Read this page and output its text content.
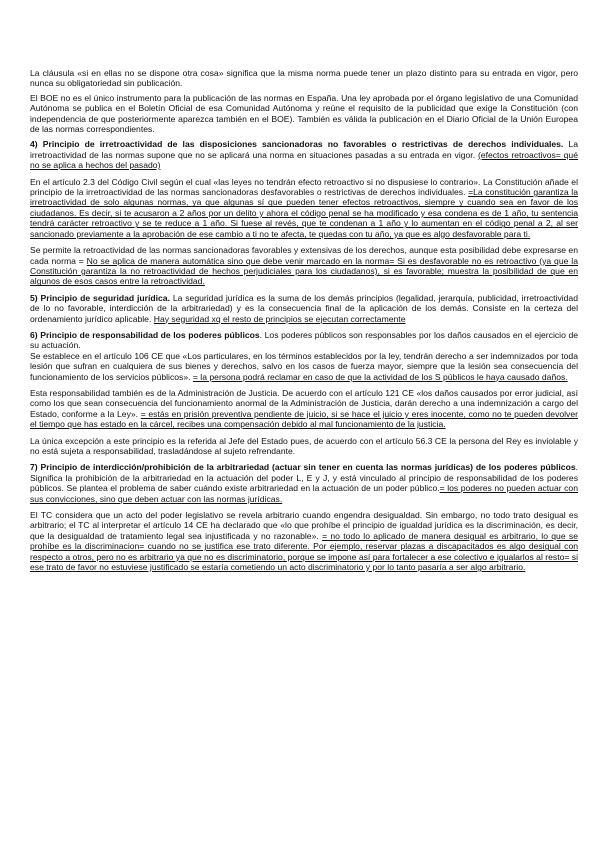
La cláusula «si en ellas no se dispone otra cosa» significa que la misma norma puede tener un plazo distinto para su entrada en vigor, pero nunca su obligatoriedad sin publicación.

El BOE no es el único instrumento para la publicación de las normas en España. Una ley aprobada por el órgano legislativo de una Comunidad Autónoma se publica en el Boletín Oficial de esa Comunidad Autónoma y reúne el requisito de la publicidad que exige la Constitución (con independencia de que posteriormente aparezca también en el BOE). También es válida la publicación en el Diario Oficial de la Unión Europea de las normas correspondientes.

4) Principio de irretroactividad de las disposiciones sancionadoras no favorables o restrictivas de derechos individuales. La irretroactividad de las normas supone que no se aplicará una norma en situaciones pasadas a su entrada en vigor. (efectos retroactivos= qué no se aplica a hechos del pasado)

En el artículo 2.3 del Código Civil según el cual «las leyes no tendrán efecto retroactivo si no dispusiese lo contrario». La Constitución añade el principio de la irretroactividad de las normas sancionadoras desfavorables o restrictivas de derechos individuales. =La constitución garantiza la irretroactividad de solo algunas normas, ya que algunas sí que pueden tener efectos retroactivos, siempre y cuando sea en favor de los ciudadanos. Es decir, si te acusaron a 2 años por un delito y ahora el código penal se ha modificado y esa condena es de 1 año, tu sentencia tendrá carácter retroactivo y se te reduce a 1 año. Si fuese al revés, que te condenan a 1 año y lo aumentan en el código penal a 2, al ser sancionado previamente a la aprobación de ese cambio a ti no te afecta, te quedas con tu año, ya que es algo desfavorable para ti.

Se permite la retroactividad de las normas sancionadoras favorables y extensivas de los derechos, aunque esta posibilidad debe expresarse en cada norma = No se aplica de manera automática sino que debe venir marcado en la norma= Si es desfavorable no es retroactivo (ya que la Constitución garantiza la no retroactividad de hechos perjudiciales para los ciudadanos), si es favorable; muestra la posibilidad de que en algunos de esos casos entre la retroactividad.

5) Principio de seguridad jurídica. La seguridad jurídica es la suma de los demás principios (legalidad, jerarquía, publicidad, irretroactividad de lo no favorable, interdicción de la arbitrariedad) y es la consecuencia final de la aplicación de los demás. Consiste en la certeza del ordenamiento jurídico aplicable. Hay seguridad xq el resto de principios se ejecutan correctamente

6) Principio de responsabilidad de los poderes públicos. Los poderes públicos son responsables por los daños causados en el ejercicio de su actuación.

Se establece en el artículo 106 CE que «Los particulares, en los términos establecidos por la ley, tendrán derecho a ser indemnizados por toda lesión que sufran en cualquiera de sus bienes y derechos, salvo en los casos de fuerza mayor, siempre que la lesión sea consecuencia del funcionamiento de los servicios públicos». = la persona podrá reclamar en caso de que la actividad de los S públicos le haya causado daños.

Esta responsabilidad también es de la Administración de Justicia. De acuerdo con el artículo 121 CE «los daños causados por error judicial, así como los que sean consecuencia del funcionamiento anormal de la Administración de Justicia, darán derecho a una indemnización a cargo del Estado, conforme a la Ley». = estás en prisión preventiva pendiente de juicio, si se hace el juicio y eres inocente, como no te pueden devolver el tiempo que has estado en la cárcel, recibes una compensación debido al mal funcionamiento de la justicia.

La única excepción a este principio es la referida al Jefe del Estado pues, de acuerdo con el artículo 56.3 CE la persona del Rey es inviolable y no está sujeta a responsabilidad, trasladándose al sujeto refrendante.

7) Principio de interdicción/prohibición de la arbitrariedad (actuar sin tener en cuenta las normas jurídicas) de los poderes públicos. Significa la prohibición de la arbitrariedad en la actuación del poder L, E y J, y está vinculado al principio de responsabilidad de los poderes públicos. Se plantea el problema de saber cuándo existe arbitrariedad en la actuación de un poder público.= los poderes no pueden actuar con sus convicciones, sino que deben actuar con las normas jurídicas.

El TC considera que un acto del poder legislativo se revela arbitrario cuando engendra desigualdad. Sin embargo, no todo trato desigual es arbitrario; el TC al interpretar el artículo 14 CE ha declarado que «lo que prohíbe el principio de igualdad jurídica es la discriminación, es decir, que la desigualdad de tratamiento legal sea injustificada y no razonable». = no todo lo aplicado de manera desigual es arbitrario, lo que se prohíbe es la discriminacion= cuando no se justifica ese trato diferente. Por ejemplo, reservar plazas a discapacitados es algo desigual con respecto a otros, pero no es arbitrario ya que no es discriminatorio, porque se impone así para fortalecer a ese colectivo e igualarlos al resto= si ese trato de favor no estuviese justificado se estaría cometiendo un acto discriminatorio y por lo tanto pasaría a ser algo arbitrario.
